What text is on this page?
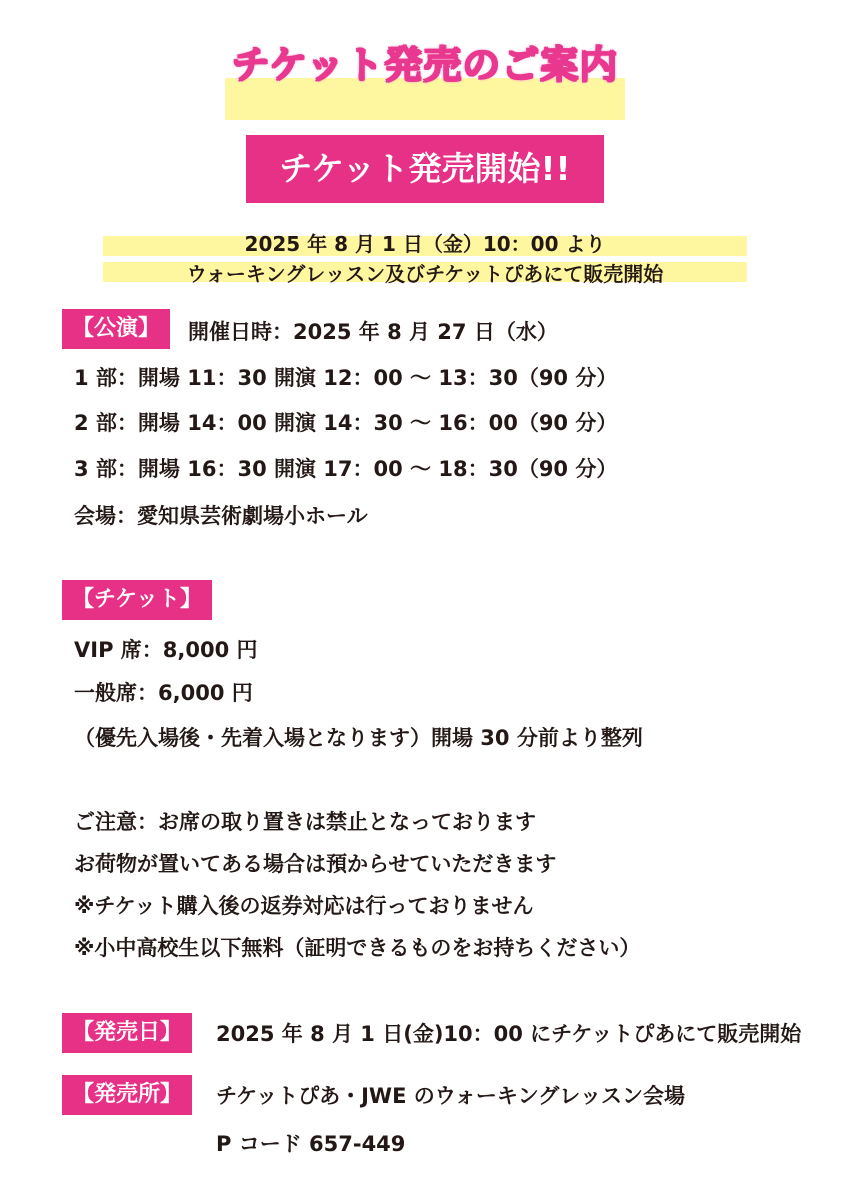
チケット発売のご案内
チケット発売開始!!
2025 年 8 月 1 日（金）10：00 より
ウォーキングレッスン及びチケットぴあにて販売開始
【公演】	開催日時：2025 年 8 月 27 日（水）
1 部：開場 11：30 開演 12：00 〜 13：30（90 分）
2 部：開場 14：00 開演 14：30 〜 16：00（90 分）
3 部：開場 16：30 開演 17：00 〜 18：30（90 分）
会場：愛知県芸術劇場小ホール
【チケット】
VIP 席：8,000 円
一般席：6,000 円
（優先入場後・先着入場となります）開場 30 分前より整列
ご注意：お席の取り置きは禁止となっております
お荷物が置いてある場合は預からせていただきます
※チケット購入後の返券対応は行っておりません
※小中高校生以下無料（証明できるものをお持ちください）
【発売日】	2025 年 8 月 1 日(金)10：00 にチケットぴあにて販売開始
【発売所】	チケットぴあ・JWE のウォーキングレッスン会場
P コード 657-449
